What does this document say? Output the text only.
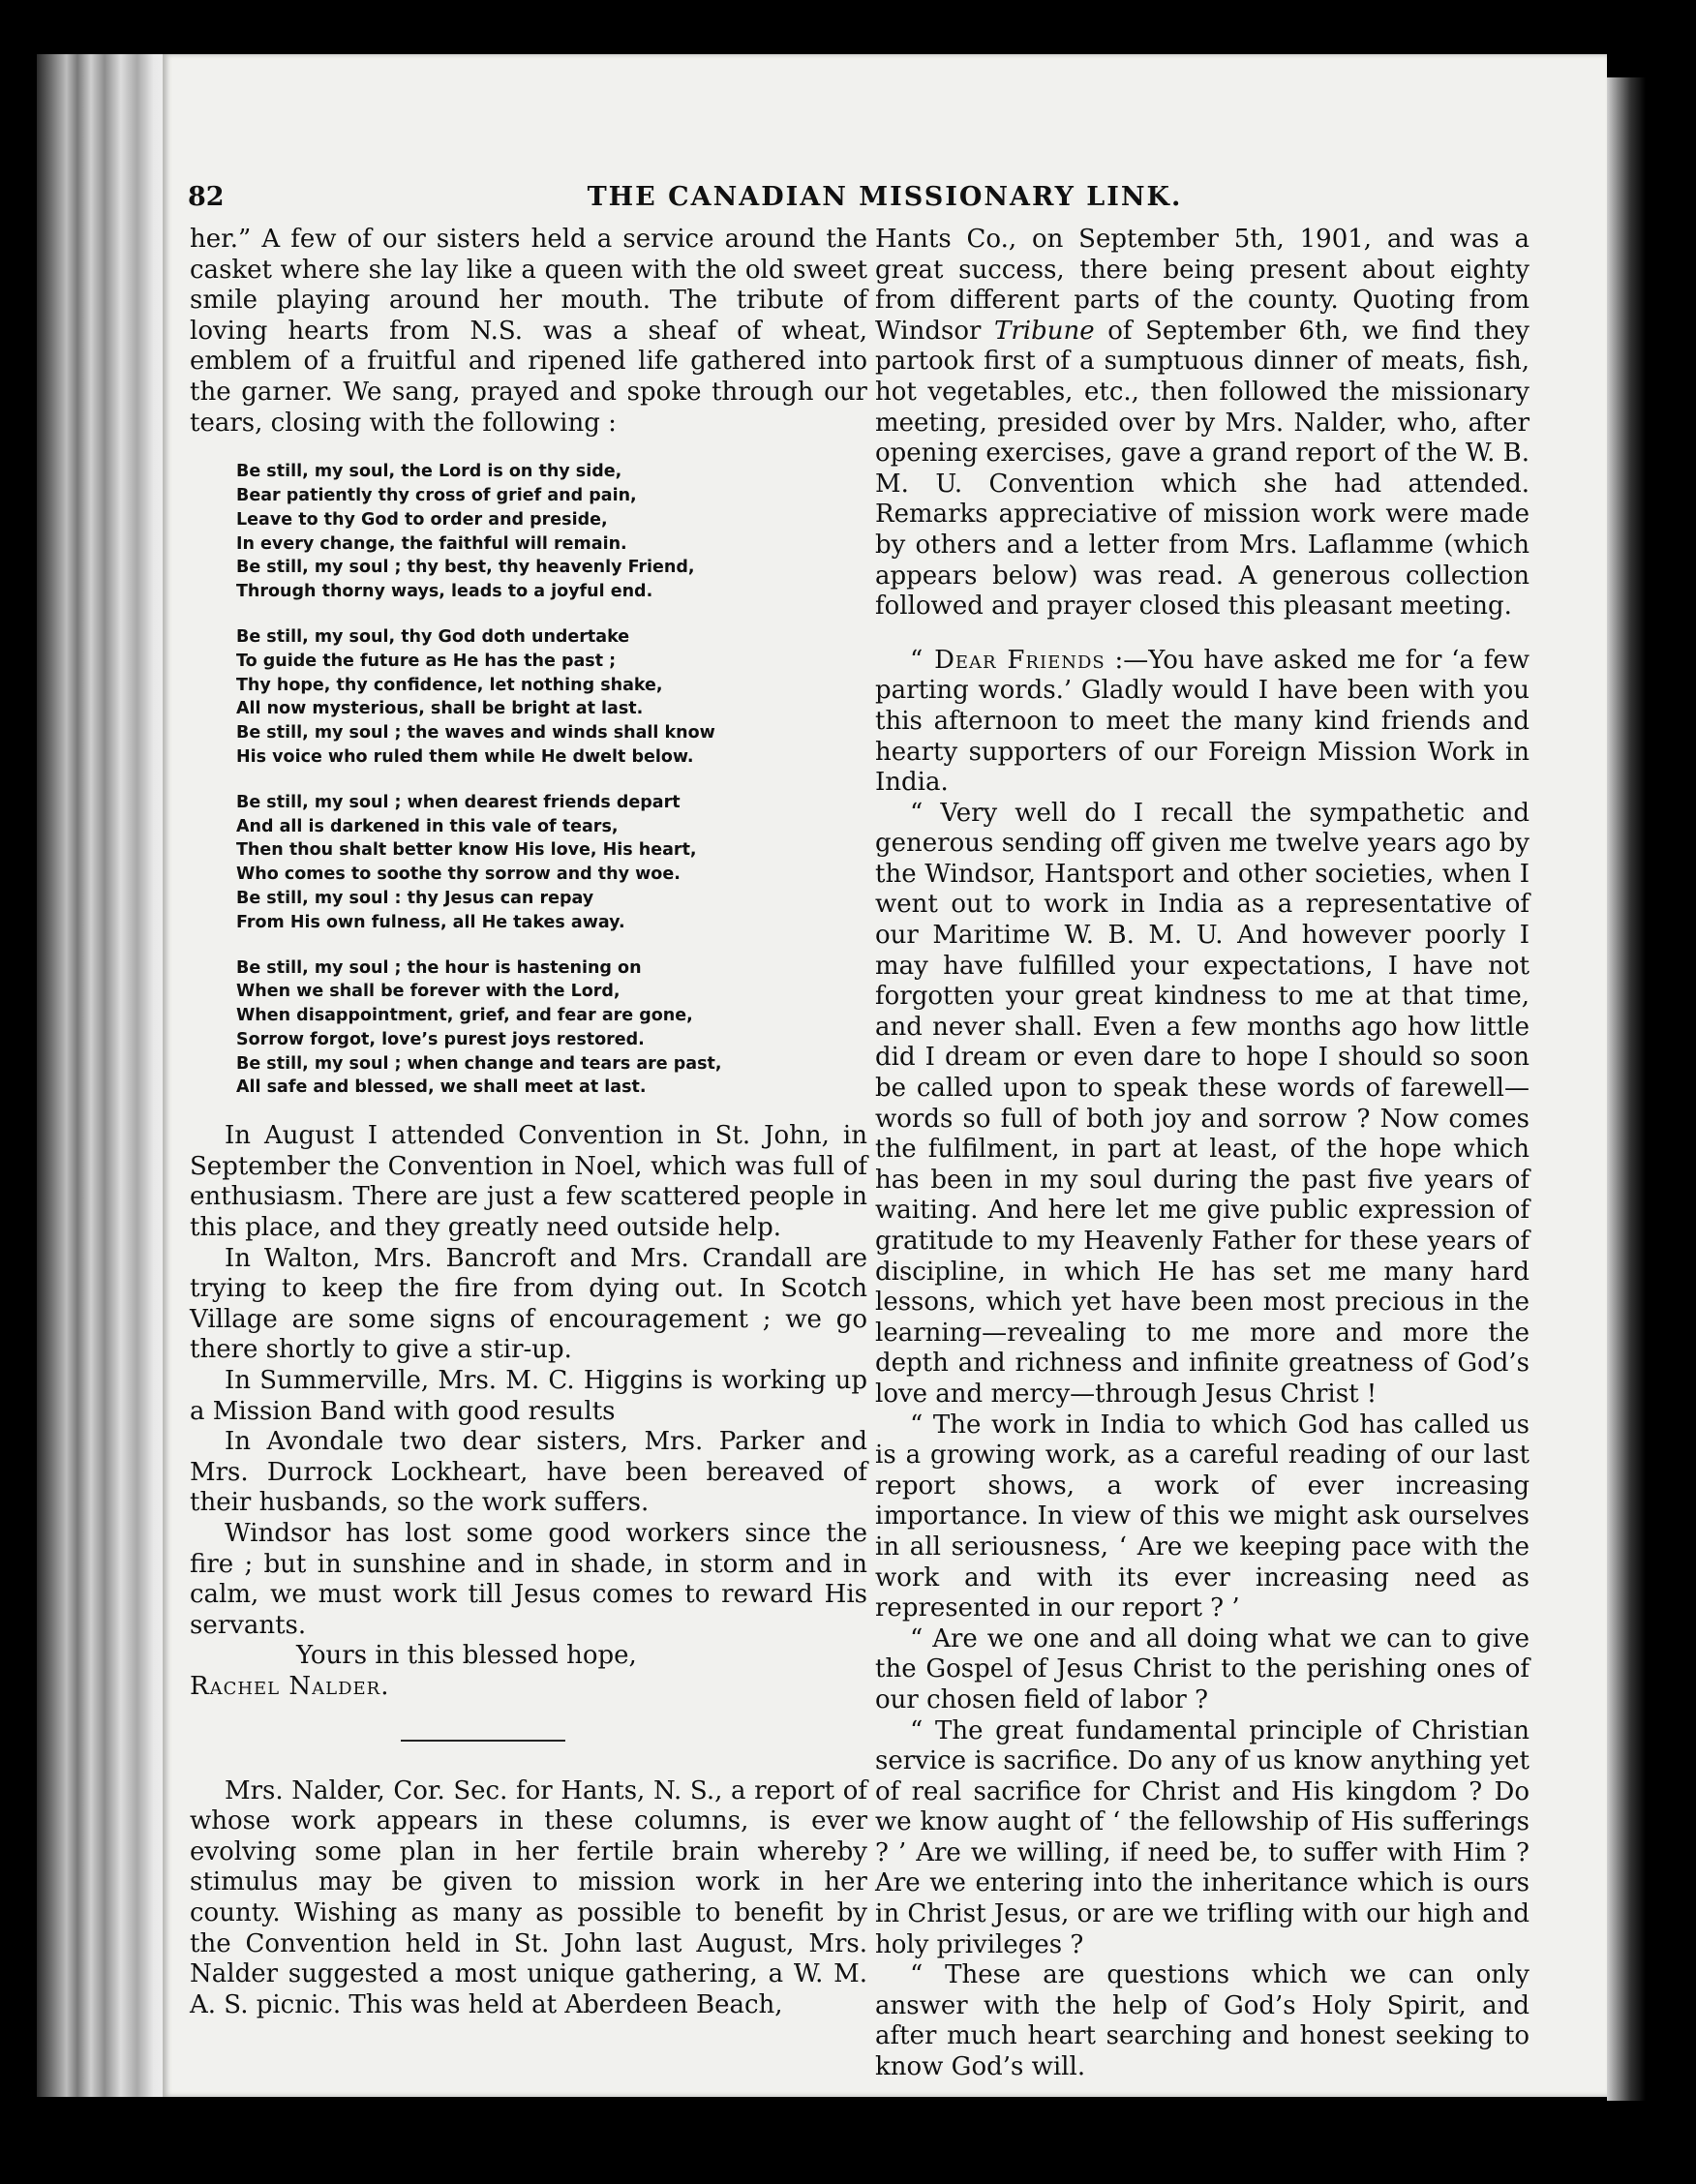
82	THE CANADIAN MISSIONARY LINK.

her.” A few of our sisters held a service around the casket where she lay like a queen with the old sweet smile playing around her mouth. The tribute of loving hearts from N.S. was a sheaf of wheat, emblem of a fruitful and ripened life gathered into the garner. We sang, prayed and spoke through our tears, closing with the following :

Be still, my soul, the Lord is on thy side,
Bear patiently thy cross of grief and pain,
Leave to thy God to order and preside,
In every change, the faithful will remain.
Be still, my soul ; thy best, thy heavenly Friend,
Through thorny ways, leads to a joyful end.
Be still, my soul, thy God doth undertake
To guide the future as He has the past ;
Thy hope, thy confidence, let nothing shake,
All now mysterious, shall be bright at last.
Be still, my soul ; the waves and winds shall know
His voice who ruled them while He dwelt below.
Be still, my soul ; when dearest friends depart
And all is darkened in this vale of tears,
Then thou shalt better know His love, His heart,
Who comes to soothe thy sorrow and thy woe.
Be still, my soul : thy Jesus can repay
From His own fulness, all He takes away.
Be still, my soul ; the hour is hastening on
When we shall be forever with the Lord,
When disappointment, grief, and fear are gone,
Sorrow forgot, love’s purest joys restored.
Be still, my soul ; when change and tears are past,
All safe and blessed, we shall meet at last.

In August I attended Convention in St. John, in September the Convention in Noel, which was full of enthusiasm. There are just a few scattered people in this place, and they greatly need outside help.

In Walton, Mrs. Bancroft and Mrs. Crandall are trying to keep the fire from dying out. In Scotch Village are some signs of encouragement ; we go there shortly to give a stir-up.

In Summerville, Mrs. M. C. Higgins is working up a Mission Band with good results

In Avondale two dear sisters, Mrs. Parker and Mrs. Durrock Lockheart, have been bereaved of their husbands, so the work suffers.

Windsor has lost some good workers since the fire ; but in sunshine and in shade, in storm and in calm, we must work till Jesus comes to reward His servants.

Yours in this blessed hope,

Rachel Nalder.

Mrs. Nalder, Cor. Sec. for Hants, N. S., a report of whose work appears in these columns, is ever evolving some plan in her fertile brain whereby stimulus may be given to mission work in her county. Wishing as many as possible to benefit by the Convention held in St. John last August, Mrs. Nalder suggested a most unique gathering, a W. M. A. S. picnic. This was held at Aberdeen Beach,

Hants Co., on September 5th, 1901, and was a great success, there being present about eighty from different parts of the county. Quoting from Windsor Tribune of September 6th, we find they partook first of a sumptuous dinner of meats, fish, hot vegetables, etc., then followed the missionary meeting, presided over by Mrs. Nalder, who, after opening exercises, gave a grand report of the W. B. M. U. Convention which she had attended. Remarks appreciative of mission work were made by others and a letter from Mrs. Laflamme (which appears below) was read. A generous collection followed and prayer closed this pleasant meeting.

“ Dear Friends :—You have asked me for ‘a few parting words.’ Gladly would I have been with you this afternoon to meet the many kind friends and hearty supporters of our Foreign Mission Work in India.

“ Very well do I recall the sympathetic and generous sending off given me twelve years ago by the Windsor, Hantsport and other societies, when I went out to work in India as a representative of our Maritime W. B. M. U. And however poorly I may have fulfilled your expectations, I have not forgotten your great kindness to me at that time, and never shall. Even a few months ago how little did I dream or even dare to hope I should so soon be called upon to speak these words of farewell—words so full of both joy and sorrow ? Now comes the fulfilment, in part at least, of the hope which has been in my soul during the past five years of waiting. And here let me give public expression of gratitude to my Heavenly Father for these years of discipline, in which He has set me many hard lessons, which yet have been most precious in the learning—revealing to me more and more the depth and richness and infinite greatness of God’s love and mercy—through Jesus Christ !

“ The work in India to which God has called us is a growing work, as a careful reading of our last report shows, a work of ever increasing importance. In view of this we might ask ourselves in all seriousness, ‘ Are we keeping pace with the work and with its ever increasing need as represented in our report ? ’

“ Are we one and all doing what we can to give the Gospel of Jesus Christ to the perishing ones of our chosen field of labor ?

“ The great fundamental principle of Christian service is sacrifice. Do any of us know anything yet of real sacrifice for Christ and His kingdom ? Do we know aught of ‘ the fellowship of His sufferings ? ’ Are we willing, if need be, to suffer with Him ? Are we entering into the inheritance which is ours in Christ Jesus, or are we trifling with our high and holy privileges ?

“ These are questions which we can only answer with the help of God’s Holy Spirit, and after much heart searching and honest seeking to know God’s will.
